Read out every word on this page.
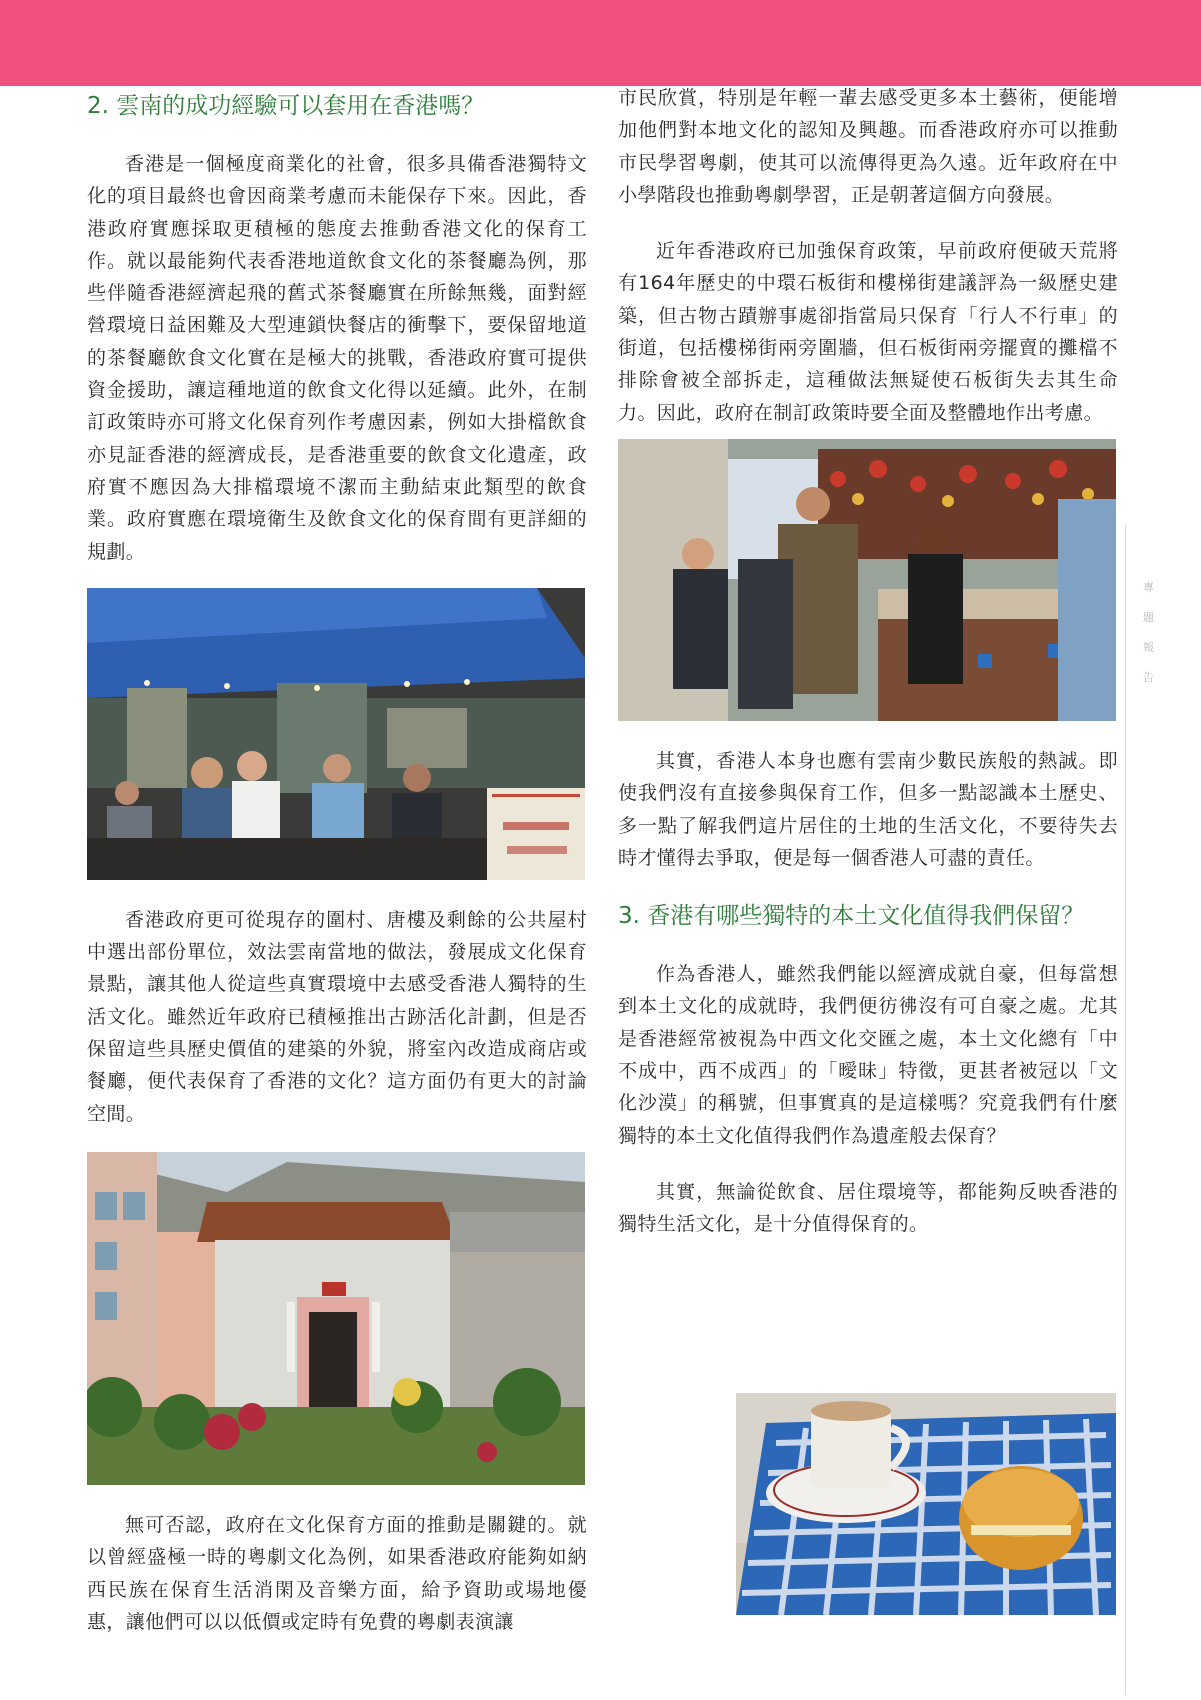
2. 雲南的成功經驗可以套用在香港嗎？

香港是一個極度商業化的社會，很多具備香港獨特文化的項目最終也會因商業考慮而未能保存下來。因此，香港政府實應採取更積極的態度去推動香港文化的保育工作。就以最能夠代表香港地道飲食文化的茶餐廳為例，那些伴隨香港經濟起飛的舊式茶餐廳實在所餘無幾，面對經營環境日益困難及大型連鎖快餐店的衝擊下，要保留地道的茶餐廳飲食文化實在是極大的挑戰，香港政府實可提供資金援助，讓這種地道的飲食文化得以延續。此外，在制訂政策時亦可將文化保育列作考慮因素，例如大掛檔飲食亦見証香港的經濟成長，是香港重要的飲食文化遺產，政府實不應因為大排檔環境不潔而主動結束此類型的飲食業。政府實應在環境衛生及飲食文化的保育間有更詳細的規劃。

香港政府更可從現存的圍村、唐樓及剩餘的公共屋村中選出部份單位，效法雲南當地的做法，發展成文化保育景點，讓其他人從這些真實環境中去感受香港人獨特的生活文化。雖然近年政府已積極推出古跡活化計劃，但是否保留這些具歷史價值的建築的外貌，將室內改造成商店或餐廳，便代表保育了香港的文化？這方面仍有更大的討論空間。

無可否認，政府在文化保育方面的推動是關鍵的。就以曾經盛極一時的粵劇文化為例，如果香港政府能夠如納西民族在保育生活消閑及音樂方面，給予資助或場地優惠，讓他們可以以低價或定時有免費的粵劇表演讓

市民欣賞，特別是年輕一輩去感受更多本土藝術，便能增加他們對本地文化的認知及興趣。而香港政府亦可以推動市民學習粵劇，使其可以流傳得更為久遠。近年政府在中小學階段也推動粵劇學習，正是朝著這個方向發展。

近年香港政府已加強保育政策，早前政府便破天荒將有164年歷史的中環石板街和樓梯街建議評為一級歷史建築，但古物古蹟辦事處卻指當局只保育「行人不行車」的街道，包括樓梯街兩旁圍牆，但石板街兩旁擺賣的攤檔不排除會被全部拆走，這種做法無疑使石板街失去其生命力。因此，政府在制訂政策時要全面及整體地作出考慮。

其實，香港人本身也應有雲南少數民族般的熱誠。即使我們沒有直接參與保育工作，但多一點認識本土歷史、多一點了解我們這片居住的土地的生活文化，不要待失去時才懂得去爭取，便是每一個香港人可盡的責任。

3. 香港有哪些獨特的本土文化值得我們保留？

作為香港人，雖然我們能以經濟成就自豪，但每當想到本土文化的成就時，我們便彷彿沒有可自豪之處。尤其是香港經常被視為中西文化交匯之處，本土文化總有「中不成中，西不成西」的「曖昧」特徵，更甚者被冠以「文化沙漠」的稱號，但事實真的是這樣嗎？究竟我們有什麼獨特的本土文化值得我們作為遺產般去保育？

其實，無論從飲食、居住環境等，都能夠反映香港的獨特生活文化，是十分值得保育的。

專
題
報
告
